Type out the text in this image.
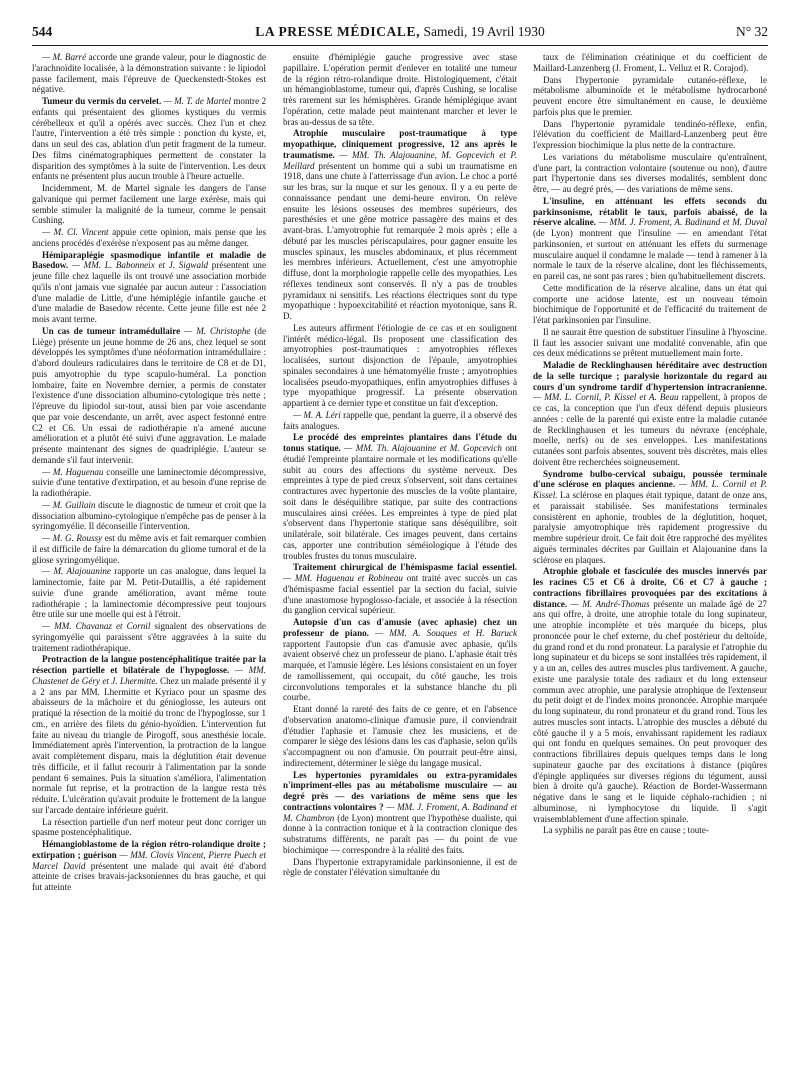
544	LA PRESSE MÉDICALE, Samedi, 19 Avril 1930	N° 32

— M. Barré accorde une grande valeur, pour le diagnostic de l'arachnoïdite localisée, à la démonstration suivante : le lipiodol passe facilement, mais l'épreuve de Queckenstedt-Stokes est négative.

Tumeur du vermis du cervelet. — M. T. de Martel montre 2 enfants qui présentaient des gliomes kystiques du vermis cérébelleux et qu'il a opérés avec succès. Chez l'un et chez l'autre, l'intervention a été très simple : ponction du kyste, et, dans un seul des cas, ablation d'un petit fragment de la tumeur. Des films cinématographiques permettent de constater la disparition des symptômes à la suite de l'intervention. Les deux enfants ne présentent plus aucun trouble à l'heure actuelle.

Incidemment, M. de Martel signale les dangers de l'anse galvanique qui permet facilement une large exérèse, mais qui semble stimuler la malignité de la tumeur, comme le pensait Cushing.

— M. Cl. Vincent appuie cette opinion, mais pense que les anciens procédés d'exérèse n'exposent pas au même danger.

Hémiparaplégie spasmodique infantile et maladie de Basedow. — MM. L. Babonneix et J. Sigwald présentent une jeune fille chez laquelle ils ont trouvé une association morbide qu'ils n'ont jamais vue signalée par aucun auteur : l'association d'une maladie de Little, d'une hémiplégie infantile gauche et d'une maladie de Basedow récente. Cette jeune fille est née 2 mois avant terme.

Un cas de tumeur intramédullaire — M. Christophe (de Liège) présente un jeune homme de 26 ans, chez lequel se sont développés les symptômes d'une néoformation intramédullaire : d'abord douleurs radiculaires dans le territoire de C8 et de D1, puis amyotrophie du type scapulo-huméral. La ponction lombaire, faite en Novembre dernier, a permis de constater l'existence d'une dissociation albumino-cytologique très nette ; l'épreuve du lipiodol sur-tout, aussi bien par voie ascendante que par voie descendante, un arrêt, avec aspect festonné entre C2 et C6. Un essai de radiothérapie n'a amené aucune amélioration et a plutôt été suivi d'une aggravation. Le malade présente maintenant des signes de quadriplégie. L'auteur se demande s'il faut intervenir.

— M. Haguenau conseille une laminectomie décompressive, suivie d'une tentative d'extirpation, et au besoin d'une reprise de la radiothérapie.

— M. Guillain discute le diagnostic de tumeur et croit que la dissociation albumino-cytologique n'empêche pas de penser à la syringomyélie. Il déconseille l'intervention.

— M. G. Roussy est du même avis et fait remarquer combien il est difficile de faire la démarcation du gliome tumoral et de la gliose syringomyélique.

— M. Alajouanine rapporte un cas analogue, dans lequel la laminectomie, faite par M. Petit-Dutaillis, a été rapidement suivie d'une grande amélioration, avant même toute radiothérapie ; la laminectomie décompressive peut toujours être utile sur une moelle qui est à l'étroit.

— MM. Chavanaz et Cornil signalent des observations de syringomyélie qui paraissent s'être aggravées à la suite du traitement radiothérapique.

Protraction de la langue postencéphalitique traitée par la résection partielle et bilatérale de l'hypoglosse. — MM. Chastenet de Géry et J. Lhermitte. Chez un malade présenté il y a 2 ans par MM. Lhermitte et Kyriaco pour un spasme des abaisseurs de la mâchoire et du génioglosse, les auteurs ont pratiqué la résection de la moitié du tronc de l'hypoglosse, sur 1 cm., en arrière des filets du génio-hyoïdien. L'intervention fut faite au niveau du triangle de Pirogoff, sous anesthésie locale. Immédiatement après l'intervention, la protraction de la langue avait complètement disparu, mais la déglutition était devenue très difficile, et il fallut recourir à l'alimentation par la sonde pendant 6 semaines. Puis la situation s'améliora, l'alimentation normale fut reprise, et la protraction de la langue resta très réduite. L'ulcération qu'avait produite le frottement de la langue sur l'arcade dentaire inférieure guérit.

La résection partielle d'un nerf moteur peut donc corriger un spasme postencéphalitique.

Hémangioblastome de la région rétro-rolandique droite ; extirpation ; guérison — MM. Clovis Vincent, Pierre Puech et Marcel David présentent une malade qui avait été d'abord atteinte de crises bravais-jacksoniennes du bras gauche, et qui fut atteinte

ensuite d'hémiplégie gauche progressive avec stase papillaire. L'opération permit d'enlever en totalité une tumeur de la région rétro-rolandique droite. Histologiquement, c'était un hémangioblastome, tumeur qui, d'après Cushing, se localise très rarement sur les hémisphères. Grande hémiplégique avant l'opération, cette malade peut maintenant marcher et lever le bras au-dessus de sa tête.

Atrophie musculaire post-traumatique à type myopathique, cliniquement progressive, 12 ans après le traumatisme. — MM. Th. Alajouanine, M. Gopcevich et P. Meillard présentent un homme qui a subi un traumatisme en 1918, dans une chute à l'atterrissage d'un avion. Le choc a porté sur les bras, sur la nuque et sur les genoux. Il y a eu perte de connaissance pendant une demi-heure environ. On relève ensuite les lésions osseuses des membres supérieurs, des paresthésies et une gêne motrice passagère des mains et des avant-bras. L'amyotrophie fut remarquée 2 mois après ; elle a débuté par les muscles périscapulaires, pour gagner ensuite les muscles spinaux, les muscles abdominaux, et plus récemment les membres inférieurs. Actuellement, c'est une amyotrophie diffuse, dont la morphologie rappelle celle des myopathies. Les réflexes tendineux sont conservés. Il n'y a pas de troubles pyramidaux ni sensitifs. Les réactions électriques sont du type myopathique : hypoexcitabilité et réaction myotonique, sans R. D.

Les auteurs affirment l'étiologie de ce cas et en soulignent l'intérêt médico-légal. Ils proposent une classification des amyotrophies post-traumatiques : amyotrophies réflexes localisées, surtout disjonction de l'épaule, amyotrophies spinales secondaires à une hématomyélie fruste ; amyotrophies localisées pseudo-myopathiques, enfin amyotrophies diffuses à type myopathique progressif. La présente observation appartient à ce dernier type et constitue un fait d'exception.

— M. A. Léri rappelle que, pendant la guerre, il a observé des faits analogues.

Le procédé des empreintes plantaires dans l'étude du tonus statique. — MM. Th. Alajouanine et M. Gopcevich ont étudié l'empreinte plantaire normale et les modifications qu'elle subit au cours des affections du système nerveux. Des empreintes à type de pied creux s'observent, soit dans certaines contractures avec hypertonie des muscles de la voûte plantaire, soit dans le déséquilibre statique, par suite des contractions musculaires ainsi créées. Les empreintes à type de pied plat s'observent dans l'hypertonie statique sans déséquilibre, soit unilatérale, soit bilatérale. Ces images peuvent, dans certains cas, apporter une contribution séméiologique à l'étude des troubles frustes du tonus musculaire.

Traitement chirurgical de l'hémispasme facial essentiel. — MM. Haguenau et Robineau ont traité avec succès un cas d'hémispasme facial essentiel par la section du facial, suivie d'une anastomose hypoglosso-faciale, et associée à la résection du ganglion cervical supérieur.

Autopsie d'un cas d'amusie (avec aphasie) chez un professeur de piano. — MM. A. Souques et H. Baruck rapportent l'autopsie d'un cas d'amusie avec aphasie, qu'ils avaient observé chez un professeur de piano. L'aphasie était très marquée, et l'amusie légère. Les lésions consistaient en un foyer de ramollissement, qui occupait, du côté gauche, les trois circonvolutions temporales et la substance blanche du pli courbe.

Etant donné la rareté des faits de ce genre, et en l'absence d'observation anatomo-clinique d'amusie pure, il conviendrait d'étudier l'aphasie et l'amusie chez les musiciens, et de comparer le siège des lésions dans les cas d'aphasie, selon qu'ils s'accompagnent ou non d'amusie. On pourrait peut-être ainsi, indirectement, déterminer le siège du langage musical.

Les hypertonies pyramidales ou extra-pyramidales n'impriment-elles pas au métabolisme musculaire — au degré près — des variations de même sens que les contractions volontaires ? — MM. J. Froment, A. Badinand et M. Chambron (de Lyon) montrent que l'hypothèse dualiste, qui donne à la contraction tonique et à la contraction clonique des substratums différents, ne paraît pas — du point de vue biochimique — correspondre à la réalité des faits.

Dans l'hypertonie extrapyramidale parkinsonienne, il est de règle de constater l'élévation simultanée du

taux de l'élimination créatinique et du coefficient de Maillard-Lanzenberg (J. Froment, L. Velluz et R. Corajod).

Dans l'hypertonie pyramidale cutanéo-réflexe, le métabolisme albuminoïde et le métabolisme hydrocarboné peuvent encore être simultanément en cause, le deuxième parfois plus que le premier.

Dans l'hypertonie pyramidale tendinéo-réflexe, enfin, l'élévation du coefficient de Maillard-Lanzenberg peut être l'expression biochimique la plus nette de la contracture.

Les variations du métabolisme musculaire qu'entraînent, d'une part, la contraction volontaire (soutenue ou non), d'autre part l'hypertonie dans ses diverses modalités, semblent donc être, — au degré près, — des variations de même sens.

L'insuline, en atténuant les effets seconds du parkinsonisme, rétablit le taux, parfois abaissé, de la réserve alcaline. — MM. J. Froment, A. Badinand et M. Duval (de Lyon) montrent que l'insuline — en amendant l'état parkinsonien, et surtout en atténuant les effets du surmenage musculaire auquel il condamne le malade — tend à ramener à la normale le taux de la réserve alcaline, dont les fléchissements, en pareil cas, ne sont pas rares ; bien qu'habituellement discrets.

Cette modification de la réserve alcaline, dans un état qui comporte une acidose latente, est un nouveau témoin biochimique de l'opportunité et de l'efficacité du traitement de l'état parkinsonien par l'insuline.

Il ne saurait être question de substituer l'insuline à l'hyoscine. Il faut les associer suivant une modalité convenable, afin que ces deux médications se prêtent mutuellement main forte.

Maladie de Recklinghausen héréditaire avec destruction de la selle turcique ; paralysie horizontale du regard au cours d'un syndrome tardif d'hypertension intracranienne. — MM. L. Cornil, P. Kissel et A. Beau rappellent, à propos de ce cas, la conception que l'un d'eux défend depuis plusieurs années : celle de la parenté qui existe entre la maladie cutanée de Recklinghausen et les tumeurs du névraxe (encéphale, moelle, nerfs) ou de ses enveloppes. Les manifestations cutanées sont parfois absentes, souvent très discrètes, mais elles doivent être recherchées soigneusement.

Syndrome bulbo-cervical subaigu, poussée terminale d'une sclérose en plaques ancienne. — MM. L. Cornil et P. Kissel. La sclérose en plaques était typique, datant de onze ans, et paraissait stabilisée. Ses manifestations terminales consistèrent en aphonie, troubles de la déglutition, hoquet, paralysie amyotrophique très rapidement progressive du membre supérieur droit. Ce fait doit être rapproché des myélites aiguës terminales décrites par Guillain et Alajouanine dans la sclérose en plaques.

Atrophie globale et fasciculée des muscles innervés par les racines C5 et C6 à droite, C6 et C7 à gauche ; contractions fibrillaires provoquées par des excitations à distance. — M. André-Thomas présente un malade âgé de 27 ans qui offre, à droite, une atrophie totale du long supinateur, une atrophie incomplète et très marquée du biceps, plus prononcée pour le chef externe, du chef postérieur du deltoïde, du grand rond et du rond pronateur. La paralysie et l'atrophie du long supinateur et du biceps se sont installées très rapidement, il y a un an, celles des autres muscles plus tardivement. A gauche, existe une paralysie totale des radiaux et du long extenseur commun avec atrophie, une paralysie atrophique de l'extenseur du petit doigt et de l'index moins prononcée. Atrophie marquée du long supinateur, du rond pronateur et du grand rond. Tous les autres muscles sont intacts. L'atrophie des muscles a débuté du côté gauche il y a 5 mois, envahissant rapidement les radiaux qui ont fondu en quelques semaines. On peut provoquer des contractions fibrillaires depuis quelques temps dans le long supinateur gauche par des excitations à distance (piqûres d'épingle appliquées sur diverses régions du tégument, aussi bien à droite qu'à gauche). Réaction de Bordet-Wassermann négative dans le sang et le liquide céphalo-rachidien ; ni albuminose, ni lymphocytose du liquide. Il s'agit vraisemblablement d'une affection spinale.

La syphilis ne paraît pas être en cause ; toute-
